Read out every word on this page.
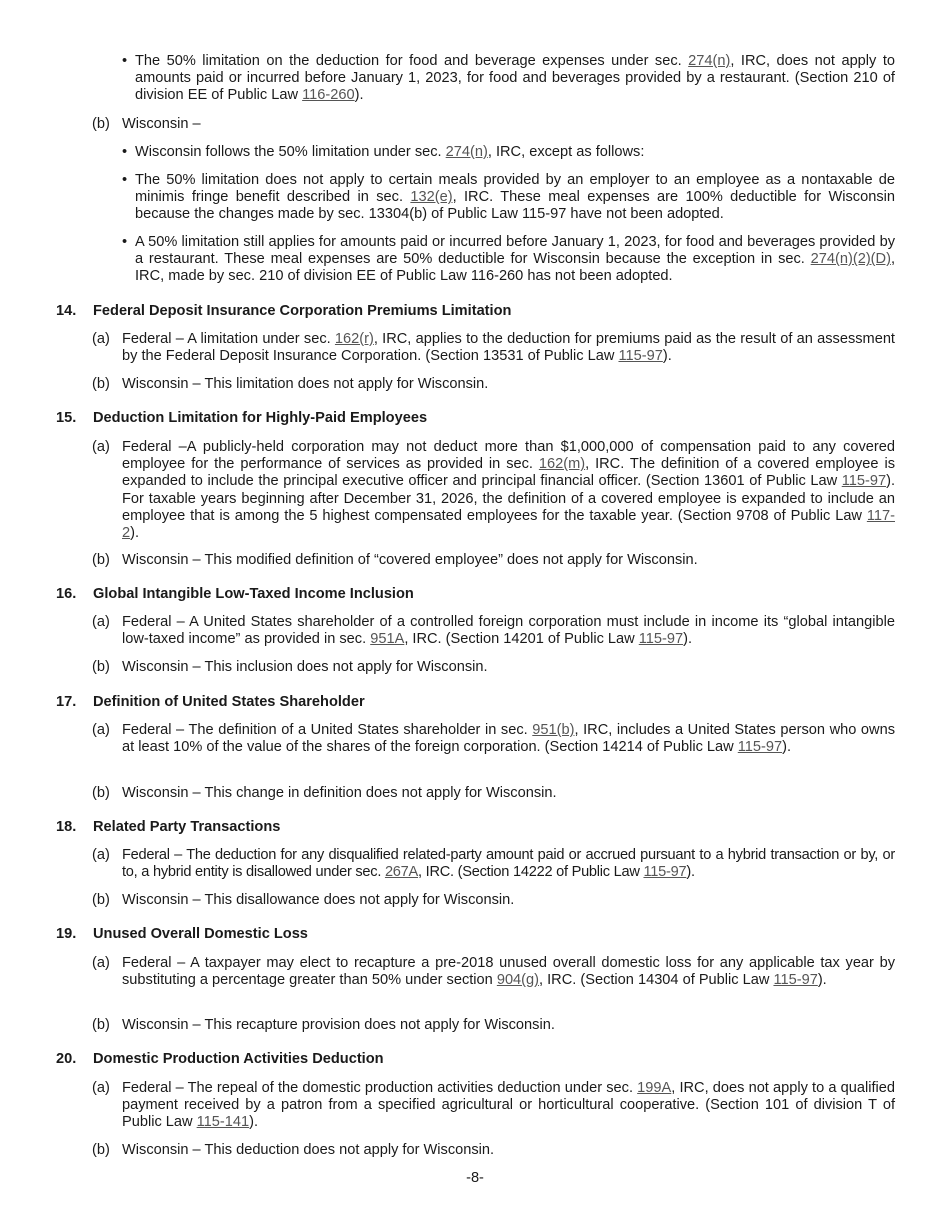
• The 50% limitation on the deduction for food and beverage expenses under sec. 274(n), IRC, does not apply to amounts paid or incurred before January 1, 2023, for food and beverages provided by a restaurant. (Section 210 of division EE of Public Law 116-260).
(b) Wisconsin –
• Wisconsin follows the 50% limitation under sec. 274(n), IRC, except as follows:
• The 50% limitation does not apply to certain meals provided by an employer to an employee as a nontaxable de minimis fringe benefit described in sec. 132(e), IRC. These meal expenses are 100% deductible for Wisconsin because the changes made by sec. 13304(b) of Public Law 115-97 have not been adopted.
• A 50% limitation still applies for amounts paid or incurred before January 1, 2023, for food and beverages provided by a restaurant. These meal expenses are 50% deductible for Wisconsin because the exception in sec. 274(n)(2)(D), IRC, made by sec. 210 of division EE of Public Law 116-260 has not been adopted.
14. Federal Deposit Insurance Corporation Premiums Limitation
(a) Federal – A limitation under sec. 162(r), IRC, applies to the deduction for premiums paid as the result of an assessment by the Federal Deposit Insurance Corporation. (Section 13531 of Public Law 115-97).
(b) Wisconsin – This limitation does not apply for Wisconsin.
15. Deduction Limitation for Highly-Paid Employees
(a) Federal –A publicly-held corporation may not deduct more than $1,000,000 of compensation paid to any covered employee for the performance of services as provided in sec. 162(m), IRC. The definition of a covered employee is expanded to include the principal executive officer and principal financial officer. (Section 13601 of Public Law 115-97). For taxable years beginning after December 31, 2026, the definition of a covered employee is expanded to include an employee that is among the 5 highest compensated employees for the taxable year. (Section 9708 of Public Law 117-2).
(b) Wisconsin – This modified definition of “covered employee” does not apply for Wisconsin.
16. Global Intangible Low-Taxed Income Inclusion
(a) Federal – A United States shareholder of a controlled foreign corporation must include in income its “global intangible low-taxed income” as provided in sec. 951A, IRC. (Section 14201 of Public Law 115-97).
(b) Wisconsin – This inclusion does not apply for Wisconsin.
17. Definition of United States Shareholder
(a) Federal – The definition of a United States shareholder in sec. 951(b), IRC, includes a United States person who owns at least 10% of the value of the shares of the foreign corporation. (Section 14214 of Public Law 115-97).
(b) Wisconsin – This change in definition does not apply for Wisconsin.
18. Related Party Transactions
(a) Federal – The deduction for any disqualified related-party amount paid or accrued pursuant to a hybrid transaction or by, or to, a hybrid entity is disallowed under sec. 267A, IRC. (Section 14222 of Public Law 115-97).
(b) Wisconsin – This disallowance does not apply for Wisconsin.
19. Unused Overall Domestic Loss
(a) Federal – A taxpayer may elect to recapture a pre-2018 unused overall domestic loss for any applicable tax year by substituting a percentage greater than 50% under section 904(g), IRC. (Section 14304 of Public Law 115-97).
(b) Wisconsin – This recapture provision does not apply for Wisconsin.
20. Domestic Production Activities Deduction
(a) Federal – The repeal of the domestic production activities deduction under sec. 199A, IRC, does not apply to a qualified payment received by a patron from a specified agricultural or horticultural cooperative. (Section 101 of division T of Public Law 115-141).
(b) Wisconsin – This deduction does not apply for Wisconsin.
-8-
